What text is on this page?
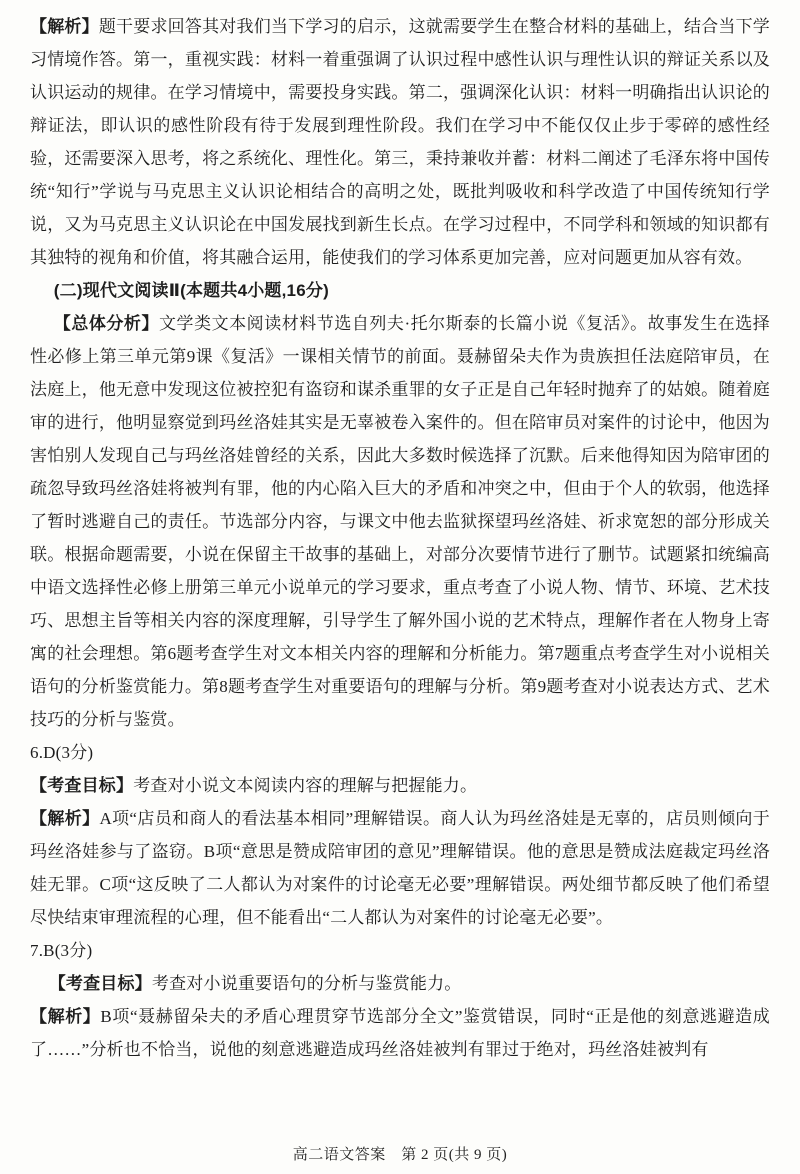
【解析】题干要求回答其对我们当下学习的启示，这就需要学生在整合材料的基础上，结合当下学习情境作答。第一，重视实践：材料一着重强调了认识过程中感性认识与理性认识的辩证关系以及认识运动的规律。在学习情境中，需要投身实践。第二，强调深化认识：材料一明确指出认识论的辩证法，即认识的感性阶段有待于发展到理性阶段。我们在学习中不能仅仅止步于零碎的感性经验，还需要深入思考，将之系统化、理性化。第三，秉持兼收并蓄：材料二阐述了毛泽东将中国传统“知行”学说与马克思主义认识论相结合的高明之处，既批判吸收和科学改造了中国传统知行学说，又为马克思主义认识论在中国发展找到新生长点。在学习过程中，不同学科和领域的知识都有其独特的视角和价值，将其融合运用，能使我们的学习体系更加完善，应对问题更加从容有效。

(二)现代文阅读Ⅱ(本题共4小题,16分)

【总体分析】文学类文本阅读材料节选自列夫·托尔斯泰的长篇小说《复活》。故事发生在选择性必修上第三单元第9课《复活》一课相关情节的前面。聂赫留朵夫作为贵族担任法庭陪审员，在法庭上，他无意中发现这位被控犯有盗窃和谋杀重罪的女子正是自己年轻时抛弃了的姑娘。随着庭审的进行，他明显察觉到玛丝洛娃其实是无辜被卷入案件的。但在陪审员对案件的讨论中，他因为害怕别人发现自己与玛丝洛娃曾经的关系，因此大多数时候选择了沉默。后来他得知因为陪审团的疏忽导致玛丝洛娃将被判有罪，他的内心陷入巨大的矛盾和冲突之中，但由于个人的软弱，他选择了暂时逃避自己的责任。节选部分内容，与课文中他去监狱探望玛丝洛娃、祈求宽恕的部分形成关联。根据命题需要，小说在保留主干故事的基础上，对部分次要情节进行了删节。试题紧扣统编高中语文选择性必修上册第三单元小说单元的学习要求，重点考查了小说人物、情节、环境、艺术技巧、思想主旨等相关内容的深度理解，引导学生了解外国小说的艺术特点，理解作者在人物身上寄寓的社会理想。第6题考查学生对文本相关内容的理解和分析能力。第7题重点考查学生对小说相关语句的分析鉴赏能力。第8题考查学生对重要语句的理解与分析。第9题考查对小说表达方式、艺术技巧的分析与鉴赏。

6.D(3分)

【考查目标】考查对小说文本阅读内容的理解与把握能力。

【解析】A项“店员和商人的看法基本相同”理解错误。商人认为玛丝洛娃是无辜的，店员则倾向于玛丝洛娃参与了盗窃。B项“意思是赞成陪审团的意见”理解错误。他的意思是赞成法庭裁定玛丝洛娃无罪。C项“这反映了二人都认为对案件的讨论毫无必要”理解错误。两处细节都反映了他们希望尽快结束审理流程的心理，但不能看出“二人都认为对案件的讨论毫无必要”。

7.B(3分)

【考查目标】考查对小说重要语句的分析与鉴赏能力。

【解析】B项“聂赫留朵夫的矛盾心理贯穿节选部分全文”鉴赏错误，同时“正是他的刻意逃避造成了……”分析也不恰当，说他的刻意逃避造成玛丝洛娃被判有罪过于绝对，玛丝洛娃被判有

高二语文答案　第 2 页(共 9 页)
